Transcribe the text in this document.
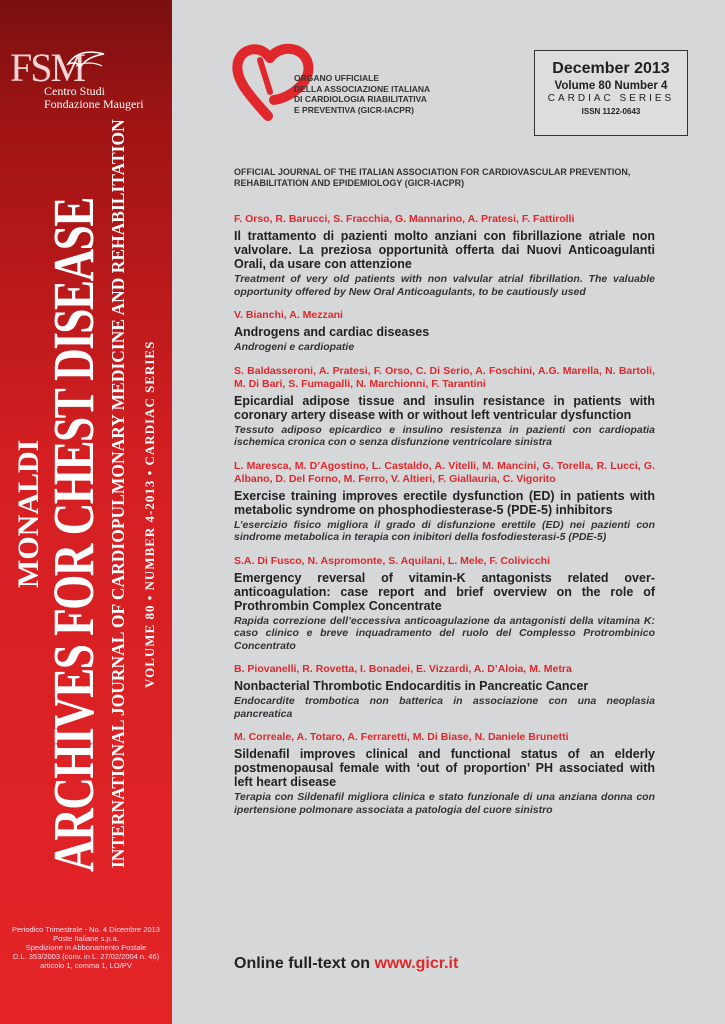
FSM
Centro Studi
Fondazione Maugeri
MONALDI
ARCHIVES FOR CHEST DISEASE INTERNATIONAL JOURNAL OF CARDIOPULMONARY MEDICINE AND REHABILITATION VOLUME 80 • NUMBER 4-2013 • CARDIAC SERIES
Periodico Trimestrale - No. 4 Dicembre 2013
Poste Italiane s.p.a.
Spedizione in Abbonamento Postale
D.L. 353/2003 (conv. in L. 27/02/2004 n. 46)
articolo 1, comma 1, LO/PV
ORGANO UFFICIALE
DELLA ASSOCIAZIONE ITALIANA
DI CARDIOLOGIA RIABILITATIVA
E PREVENTIVA (GICR-IACPR)
December 2013
Volume 80 Number 4
CARDIAC SERIES
ISSN 1122-0643
OFFICIAL JOURNAL OF THE ITALIAN ASSOCIATION FOR CARDIOVASCULAR PREVENTION,
REHABILITATION AND EPIDEMIOLOGY (GICR-IACPR)
F. Orso, R. Barucci, S. Fracchia, G. Mannarino, A. Pratesi, F. Fattirolli
Il trattamento di pazienti molto anziani con fibrillazione atriale non valvolare. La preziosa opportunità offerta dai Nuovi Anticoagulanti Orali, da usare con attenzione
Treatment of very old patients with non valvular atrial fibrillation. The valuable opportunity offered by New Oral Anticoagulants, to be cautiously used
V. Bianchi, A. Mezzani
Androgens and cardiac diseases
Androgeni e cardiopatie
S. Baldasseroni, A. Pratesi, F. Orso, C. Di Serio, A. Foschini, A.G. Marella, N. Bartoli, M. Di Bari, S. Fumagalli, N. Marchionni, F. Tarantini
Epicardial adipose tissue and insulin resistance in patients with coronary artery disease with or without left ventricular dysfunction
Tessuto adiposo epicardico e insulino resistenza in pazienti con cardiopatia ischemica cronica con o senza disfunzione ventricolare sinistra
L. Maresca, M. D’Agostino, L. Castaldo, A. Vitelli, M. Mancini, G. Torella, R. Lucci, G. Albano, D. Del Forno, M. Ferro, V. Altieri, F. Giallauria, C. Vigorito
Exercise training improves erectile dysfunction (ED) in patients with metabolic syndrome on phosphodiesterase-5 (PDE-5) inhibitors
L’esercizio fisico migliora il grado di disfunzione erettile (ED) nei pazienti con sindrome metabolica in terapia con inibitori della fosfodiesterasi-5 (PDE-5)
S.A. Di Fusco, N. Aspromonte, S. Aquilani, L. Mele, F. Colivicchi
Emergency reversal of vitamin-K antagonists related over-anticoagulation: case report and brief overview on the role of Prothrombin Complex Concentrate
Rapida correzione dell’eccessiva anticoagulazione da antagonisti della vitamina K: caso clinico e breve inquadramento del ruolo del Complesso Protrombinico Concentrato
B. Piovanelli, R. Rovetta, I. Bonadei, E. Vizzardi, A. D’Aloia, M. Metra
Nonbacterial Thrombotic Endocarditis in Pancreatic Cancer
Endocardite trombotica non batterica in associazione con una neoplasia pancreatica
M. Correale, A. Totaro, A. Ferraretti, M. Di Biase, N. Daniele Brunetti
Sildenafil improves clinical and functional status of an elderly postmenopausal female with ‘out of proportion’ PH associated with left heart disease
Terapia con Sildenafil migliora clinica e stato funzionale di una anziana donna con ipertensione polmonare associata a patologia del cuore sinistro
Online full-text on www.gicr.it
